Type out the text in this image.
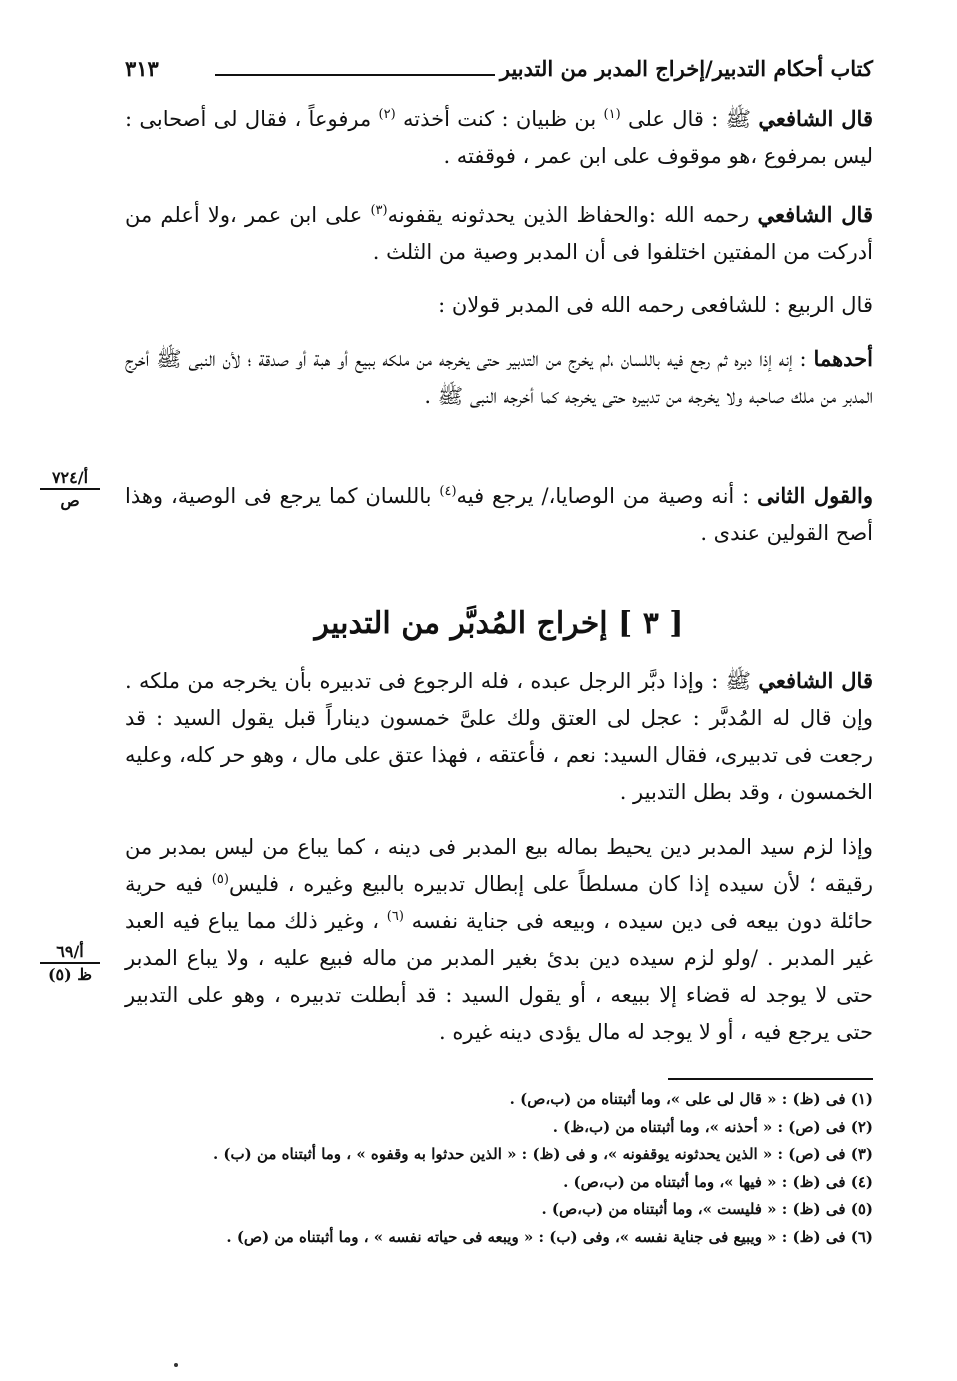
كتاب أحكام التدبير/إخراج المدبر من التدبير
٣١٣

قال الشافعي ﷺ : قال على $^{(١)}$ بن ظبيان : كنت أخذته $^{(٢)}$ مرفوعاً ، فقال لى أصحابى : ليس بمرفوع ،هو موقوف على ابن عمر ، فوقفته .

قال الشافعي رحمه الله :والحفاظ الذين يحدثونه يقفونه$^{(٣)}$ على ابن عمر ،ولا أعلم من أدركت من المفتين اختلفوا فى أن المدبر وصية من الثلث .

قال الربيع : للشافعى رحمه الله فى المدبر قولان :

أحدهما : إنه إذا دبره ثم رجع فيه باللسان ،لم يخرج من التدبير حتى يخرجه من ملكه ببيع أو هبة أو صدقة ؛ لأن النبى ﷺ أخرج المدبر من ملك صاحبه ولا يخرجه من تدبيره حتى يخرجه كما أخرجه النبى ﷺ .

والقول الثانى : أنه وصية من الوصايا،/ يرجع فيه$^{(٤)}$ باللسان كما يرجع فى الوصية، وهذا أصح القولين عندى .

أ/٧٢٤
ص
[ ٣ ] إخراج المُدبَّر من التدبير

قال الشافعي ﷺ : وإذا دبَّر الرجل عبده ، فله الرجوع فى تدبيره بأن يخرجه من ملكه . وإن قال له المُدبَّر : عجل لى العتق ولك علىَّ خمسون ديناراً قبل يقول السيد : قد رجعت فى تدبيرى، فقال السيد: نعم ، فأعتقه ، فهذا عتق على مال ، وهو حر كله، وعليه الخمسون ، وقد بطل التدبير .

وإذا لزم سيد المدبر دين يحيط بماله بيع المدبر فى دينه ، كما يباع من ليس بمدبر من رقيقه ؛ لأن سيده إذا كان مسلطاً على إبطال تدبيره بالبيع وغيره ، فليس$^{(٥)}$ فيه حرية حائلة دون بيعه فى دين سيده ، وبيعه فى جناية نفسه $^{(٦)}$ ، وغير ذلك مما يباع فيه العبد غير المدبر . /ولو لزم سيده دين بدئ بغير المدبر من ماله فبيع عليه ، ولا يباع المدبر حتى لا يوجد له قضاء إلا ببيعه ، أو يقول السيد : قد أبطلت تدبيره ، وهو على التدبير حتى يرجع فيه ، أو لا يوجد له مال يؤدى دينه غيره .

أ/٦٩
ظ (٥)
(١) فى (ظ) : « قال لى على »، وما أثبتناه من (ب،ص) .
(٢) فى (ص) : « أحذنه »، وما أثبتناه من (ب،ظ) .
(٣) فى (ص) : « الذين يحدثونه يوقفونه »، و فى (ظ) : « الذين حدثوا به وقفوه » ، وما أثبتناه من (ب) .
(٤) فى (ظ) : « فيها »، وما أثبتناه من (ب،ص) .
(٥) فى (ظ) : « فليست »، وما أثبتناه من (ب،ص) .
(٦) فى (ظ) : « ويبيع فى جناية نفسه »، وفى (ب) : « ويبعه فى حياته نفسه » ، وما أثبتناه من (ص) .
